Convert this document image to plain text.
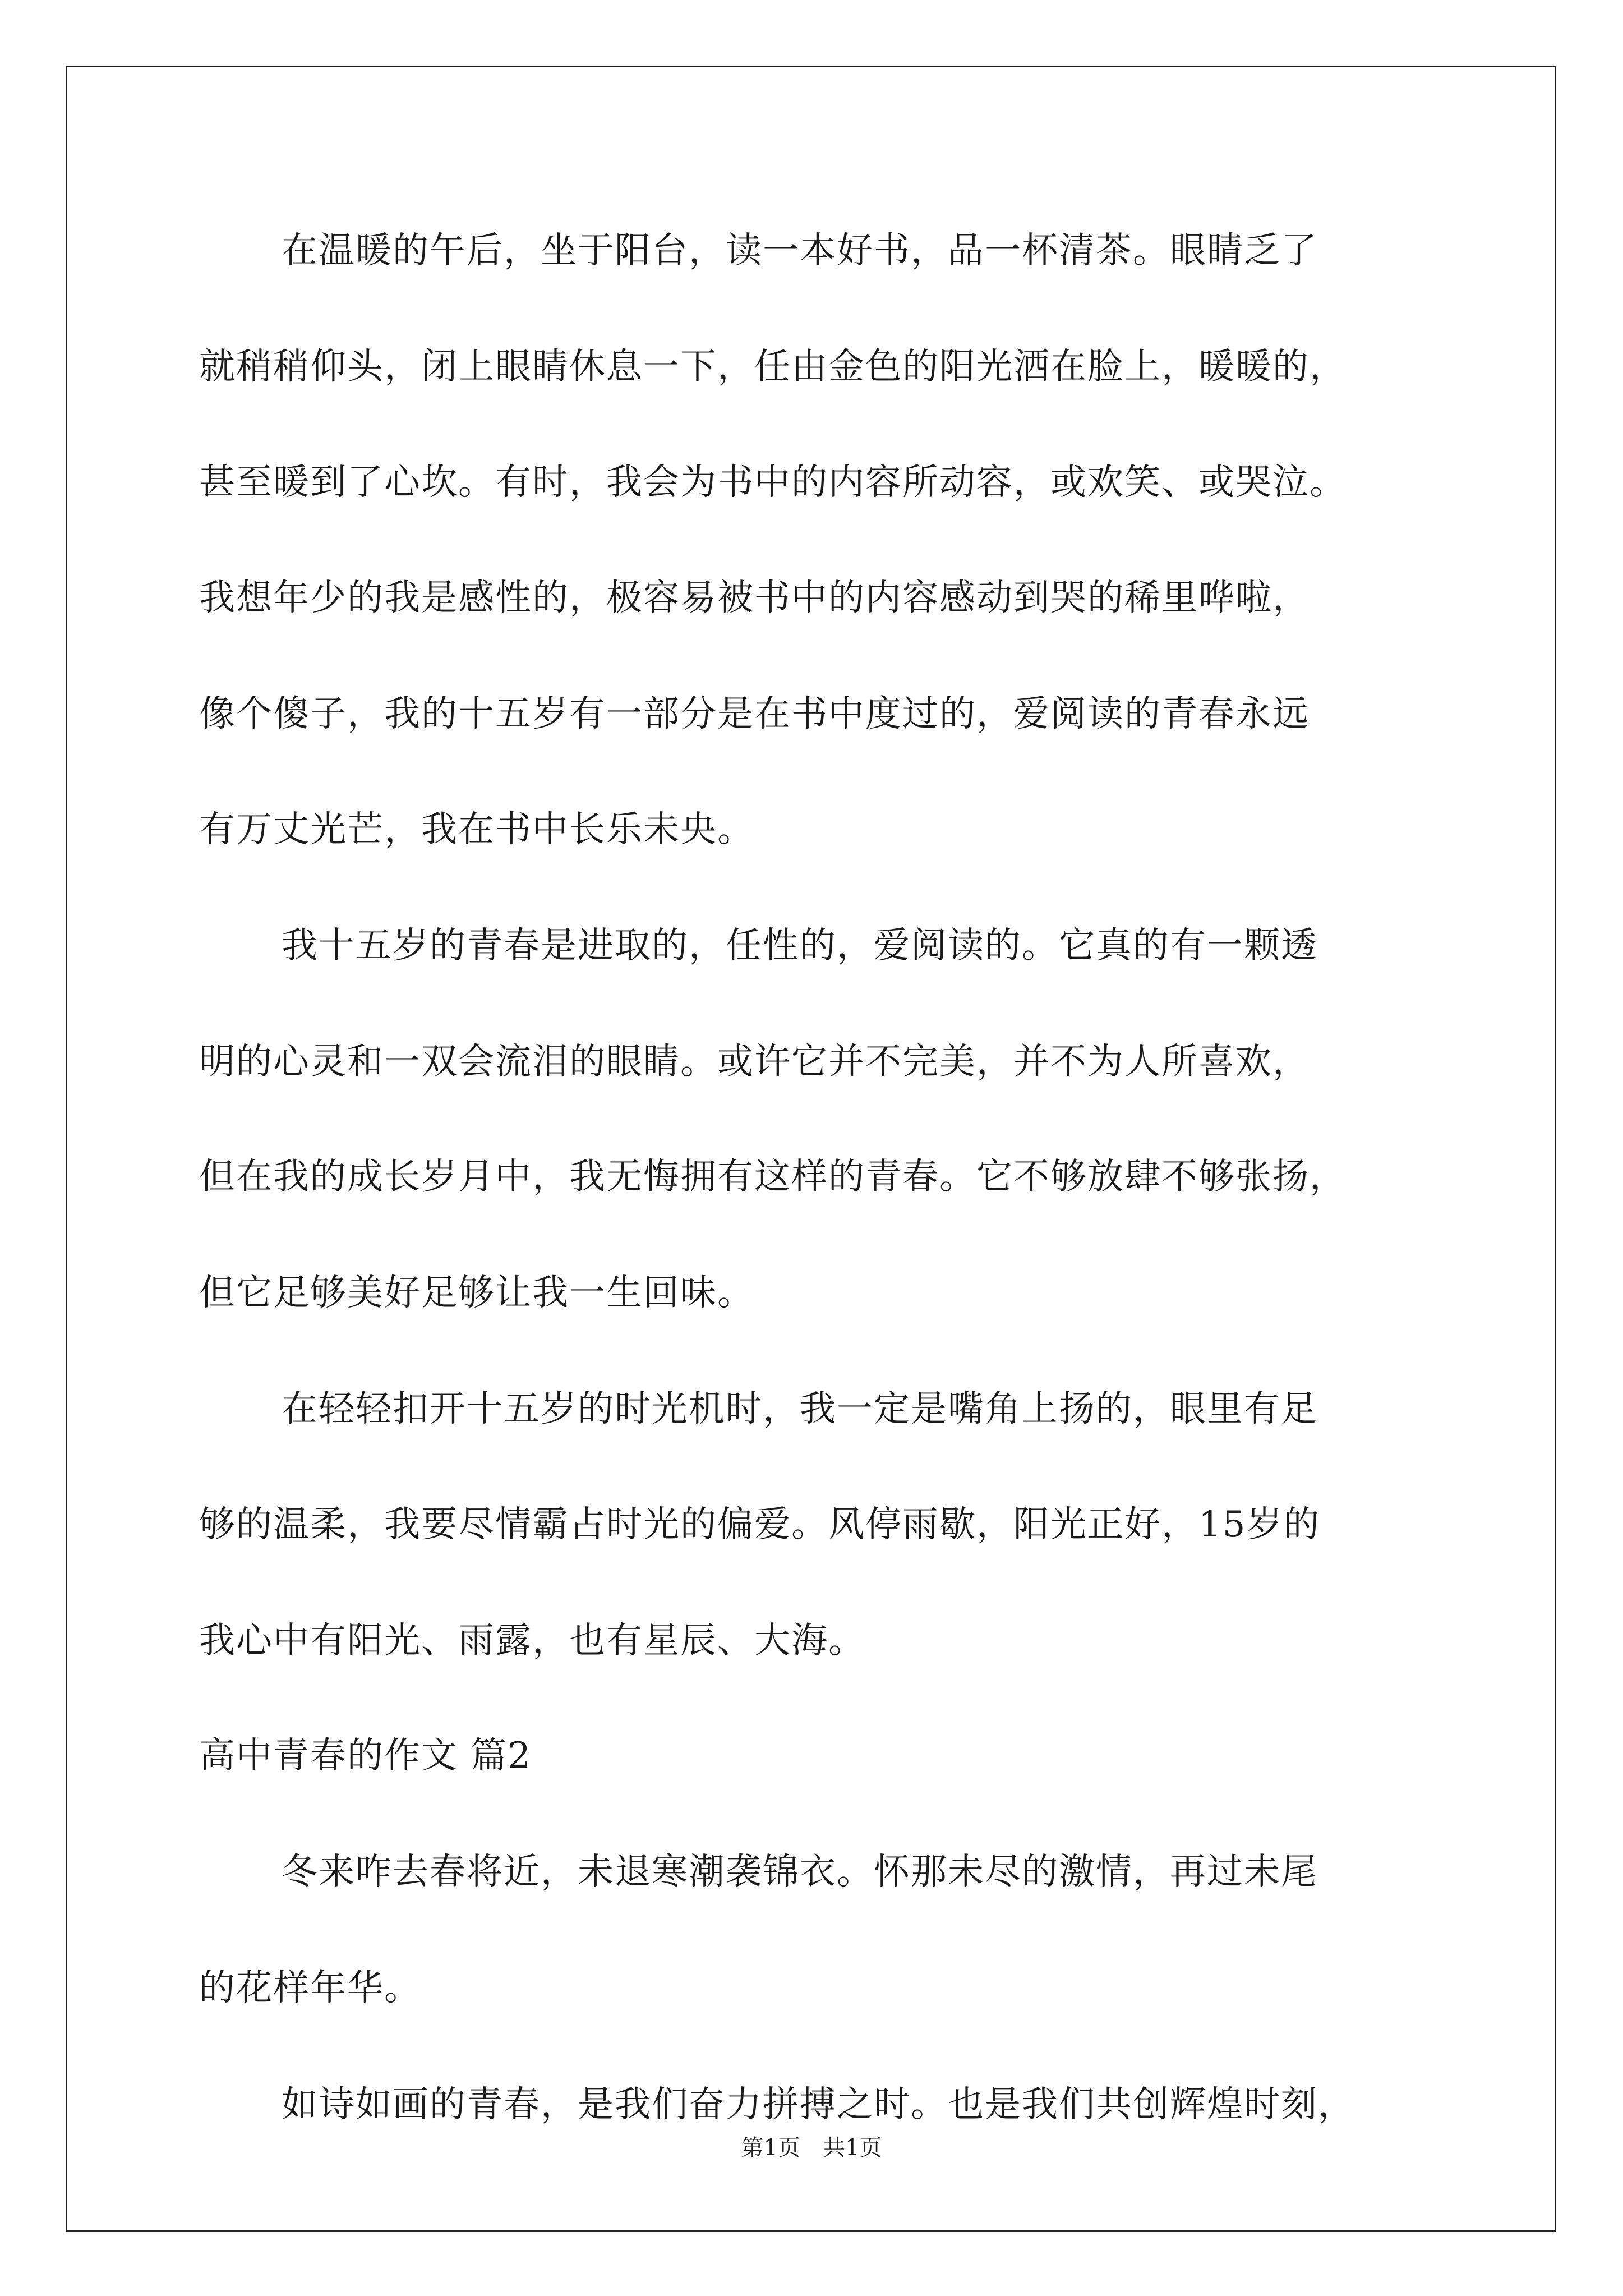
在温暖的午后，坐于阳台，读一本好书，品一杯清茶。眼睛乏了
就稍稍仰头，闭上眼睛休息一下，任由金色的阳光洒在脸上，暖暖的，
甚至暖到了心坎。有时，我会为书中的内容所动容，或欢笑、或哭泣。
我想年少的我是感性的，极容易被书中的内容感动到哭的稀里哗啦，
像个傻子，我的十五岁有一部分是在书中度过的，爱阅读的青春永远
有万丈光芒，我在书中长乐未央。
我十五岁的青春是进取的，任性的，爱阅读的。它真的有一颗透
明的心灵和一双会流泪的眼睛。或许它并不完美，并不为人所喜欢，
但在我的成长岁月中，我无悔拥有这样的青春。它不够放肆不够张扬，
但它足够美好足够让我一生回味。
在轻轻扣开十五岁的时光机时，我一定是嘴角上扬的，眼里有足
够的温柔，我要尽情霸占时光的偏爱。风停雨歇，阳光正好，15岁的
我心中有阳光、雨露，也有星辰、大海。
高中青春的作文 篇2
冬来咋去春将近，未退寒潮袭锦衣。怀那未尽的激情，再过未尾
的花样年华。
如诗如画的青春，是我们奋力拼搏之时。也是我们共创辉煌时刻，
第1页 共1页
